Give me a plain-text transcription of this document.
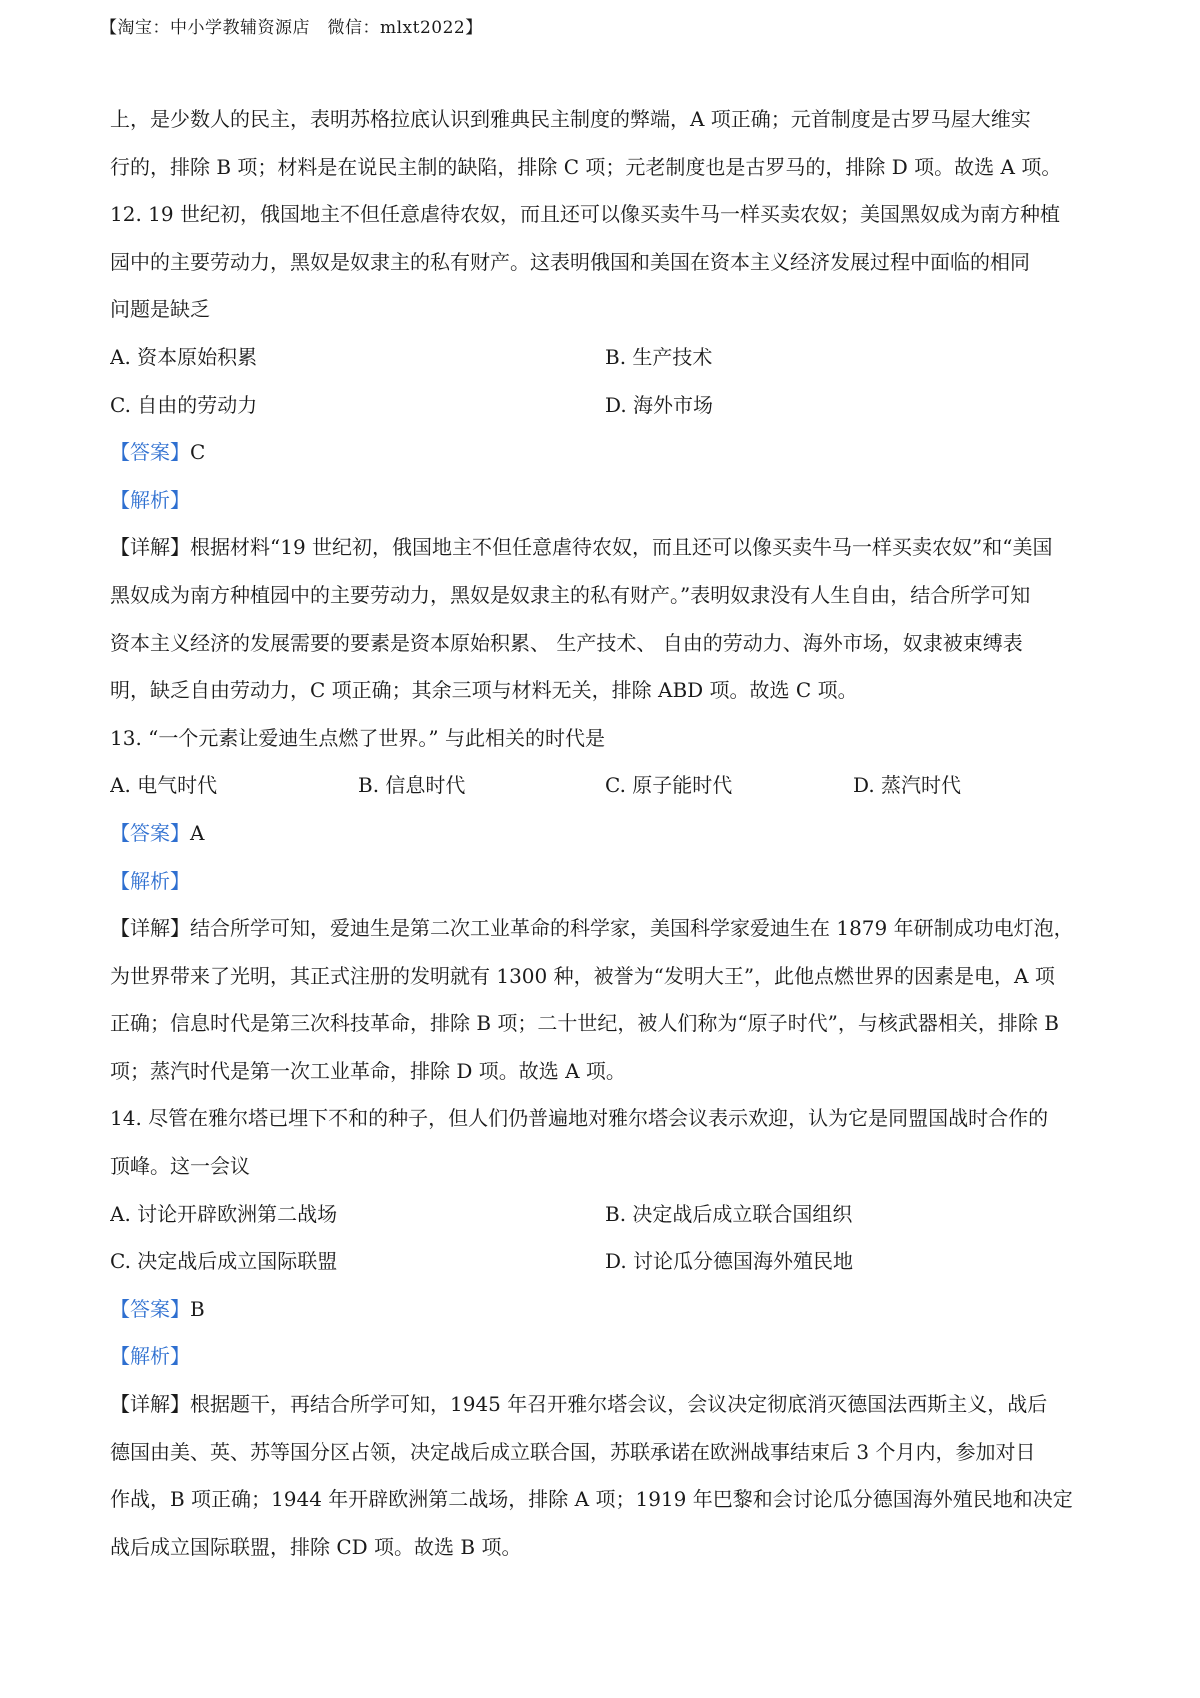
【淘宝：中小学教辅资源店　微信：mlxt2022】
上，是少数人的民主，表明苏格拉底认识到雅典民主制度的弊端，A 项正确；元首制度是古罗马屋大维实
行的，排除 B 项；材料是在说民主制的缺陷，排除 C 项；元老制度也是古罗马的，排除 D 项。故选 A 项。
12. 19 世纪初，俄国地主不但任意虐待农奴，而且还可以像买卖牛马一样买卖农奴；美国黑奴成为南方种植
园中的主要劳动力，黑奴是奴隶主的私有财产。这表明俄国和美国在资本主义经济发展过程中面临的相同
问题是缺乏
A. 资本原始积累	B. 生产技术
C. 自由的劳动力	D. 海外市场
【答案】C
【解析】
【详解】根据材料“19 世纪初，俄国地主不但任意虐待农奴，而且还可以像买卖牛马一样买卖农奴”和“美国
黑奴成为南方种植园中的主要劳动力，黑奴是奴隶主的私有财产。”表明奴隶没有人生自由，结合所学可知
资本主义经济的发展需要的要素是资本原始积累、 生产技术、 自由的劳动力、海外市场，奴隶被束缚表
明，缺乏自由劳动力，C 项正确；其余三项与材料无关，排除 ABD 项。故选 C 项。
13. “一个元素让爱迪生点燃了世界。” 与此相关的时代是
A. 电气时代	B. 信息时代	C. 原子能时代	D. 蒸汽时代
【答案】A
【解析】
【详解】结合所学可知，爱迪生是第二次工业革命的科学家，美国科学家爱迪生在 1879 年研制成功电灯泡，
为世界带来了光明，其正式注册的发明就有 1300 种，被誉为“发明大王”，此他点燃世界的因素是电，A 项
正确；信息时代是第三次科技革命，排除 B 项；二十世纪，被人们称为“原子时代”，与核武器相关，排除 B
项；蒸汽时代是第一次工业革命，排除 D 项。故选 A 项。
14. 尽管在雅尔塔已埋下不和的种子，但人们仍普遍地对雅尔塔会议表示欢迎，认为它是同盟国战时合作的
顶峰。这一会议
A. 讨论开辟欧洲第二战场	B. 决定战后成立联合国组织
C. 决定战后成立国际联盟	D. 讨论瓜分德国海外殖民地
【答案】B
【解析】
【详解】根据题干，再结合所学可知，1945 年召开雅尔塔会议，会议决定彻底消灭德国法西斯主义，战后
德国由美、英、苏等国分区占领，决定战后成立联合国，苏联承诺在欧洲战事结束后 3 个月内，参加对日
作战，B 项正确；1944 年开辟欧洲第二战场，排除 A 项；1919 年巴黎和会讨论瓜分德国海外殖民地和决定
战后成立国际联盟，排除 CD 项。故选 B 项。
